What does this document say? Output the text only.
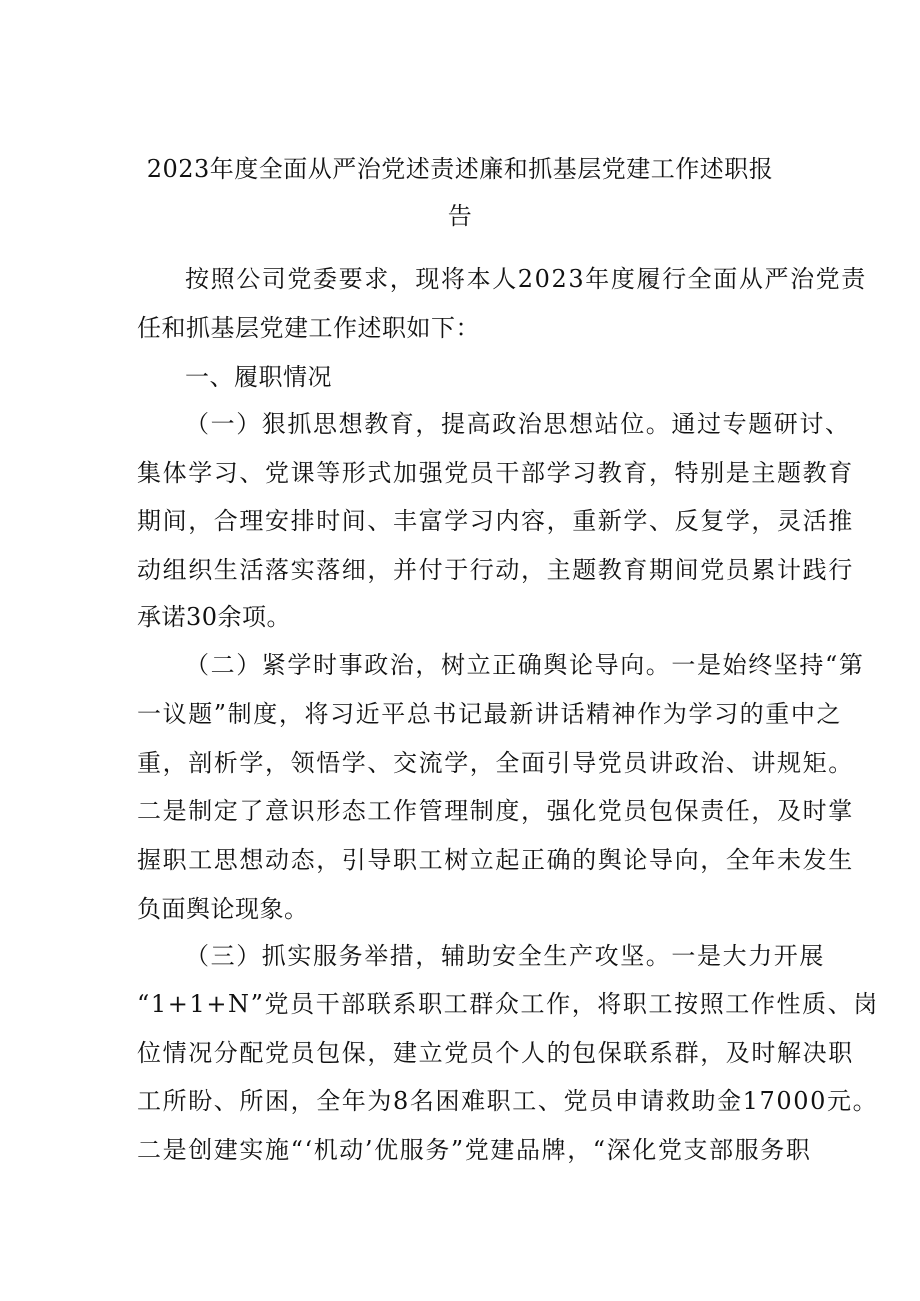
2023年度全面从严治党述责述廉和抓基层党建工作述职报
告
按照公司党委要求，现将本人2023年度履行全面从严治党责
任和抓基层党建工作述职如下：
一、履职情况
（一）狠抓思想教育，提高政治思想站位。通过专题研讨、
集体学习、党课等形式加强党员干部学习教育，特别是主题教育
期间，合理安排时间、丰富学习内容，重新学、反复学，灵活推
动组织生活落实落细，并付于行动，主题教育期间党员累计践行
承诺30余项。
（二）紧学时事政治，树立正确舆论导向。一是始终坚持“第
一议题”制度，将习近平总书记最新讲话精神作为学习的重中之
重，剖析学，领悟学、交流学，全面引导党员讲政治、讲规矩。
二是制定了意识形态工作管理制度，强化党员包保责任，及时掌
握职工思想动态，引导职工树立起正确的舆论导向，全年未发生
负面舆论现象。
（三）抓实服务举措，辅助安全生产攻坚。一是大力开展
“1+1+N”党员干部联系职工群众工作，将职工按照工作性质、岗
位情况分配党员包保，建立党员个人的包保联系群，及时解决职
工所盼、所困，全年为8名困难职工、党员申请救助金17000元。
二是创建实施“‘机动’优服务”党建品牌，“深化党支部服务职
